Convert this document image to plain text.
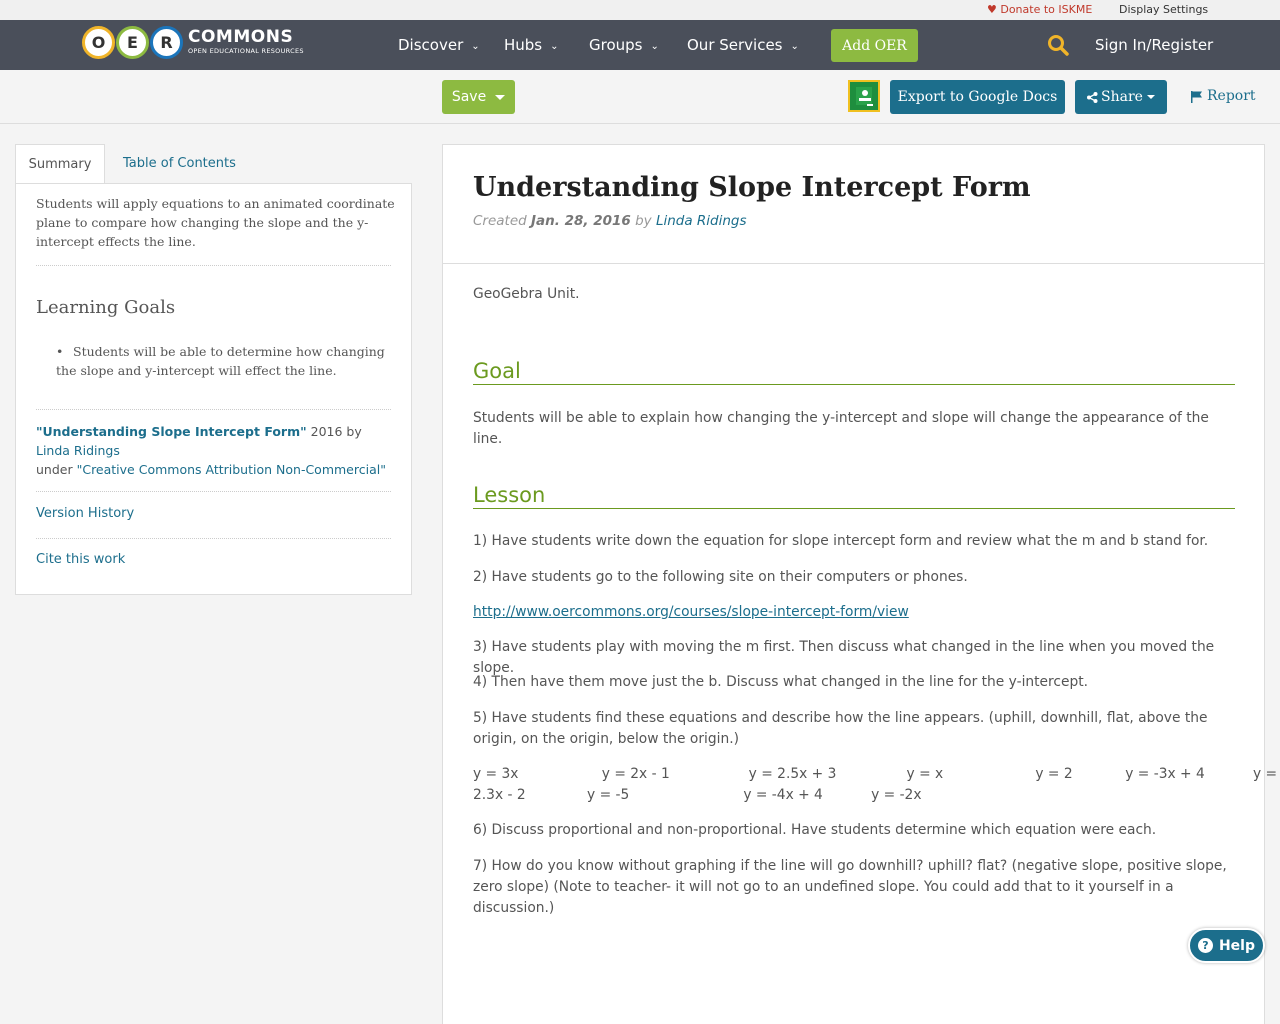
♥ Donate to ISKME Display Settings
O	E	R COMMONS
OPEN EDUCATIONAL RESOURCES	Discover ⌄ Hubs ⌄ Groups ⌄ Our Services ⌄	Add OER	Sign In/Register
Save	Export to Google Docs	Share	Report
Summary	Table of Contents
Students will apply equations to an animated coordinate plane to compare how changing the slope and the y-intercept effects the line.
Learning Goals
• Students will be able to determine how changing the slope and y-intercept will effect the line.
"Understanding Slope Intercept Form" 2016 by Linda Ridings
under "Creative Commons Attribution Non-Commercial"
Version History
Cite this work
Understanding Slope Intercept Form
Created Jan. 28, 2016 by Linda Ridings
GeoGebra Unit.
Goal
Students will be able to explain how changing the y-intercept and slope will change the appearance of the line.
Lesson
1) Have students write down the equation for slope intercept form and review what the m and b stand for.
2) Have students go to the following site on their computers or phones.
http://www.oercommons.org/courses/slope-intercept-form/view
3) Have students play with moving the m first. Then discuss what changed in the line when you moved the slope.
4) Then have them move just the b. Discuss what changed in the line for the y-intercept.
5) Have students find these equations and describe how the line appears. (uphill, downhill, flat, above the origin, on the origin, below the origin.)
y = 3x                   y = 2x - 1                  y = 2.5x + 3                y = x                     y = 2            y = -3x + 4           y =
2.3x - 2              y = -5                          y = -4x + 4           y = -2x
6) Discuss proportional and non-proportional. Have students determine which equation were each.
7) How do you know without graphing if the line will go downhill? uphill? flat? (negative slope, positive slope, zero slope) (Note to teacher- it will not go to an undefined slope. You could add that to it yourself in a discussion.)
? Help
